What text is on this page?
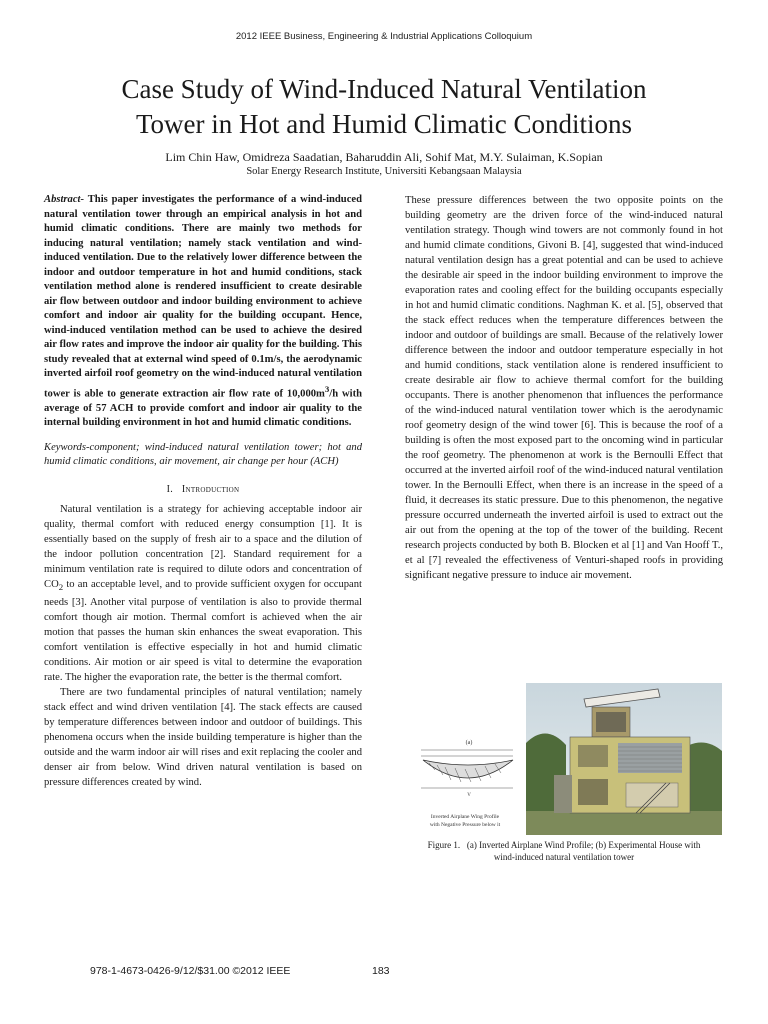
2012 IEEE Business, Engineering & Industrial Applications Colloquium
Case Study of Wind-Induced Natural Ventilation
Tower in Hot and Humid Climatic Conditions
Lim Chin Haw, Omidreza Saadatian, Baharuddin Ali, Sohif Mat, M.Y. Sulaiman, K.Sopian
Solar Energy Research Institute, Universiti Kebangsaan Malaysia

Abstract- This paper investigates the performance of a wind-induced natural ventilation tower through an empirical analysis in hot and humid climatic conditions. There are mainly two methods for inducing natural ventilation; namely stack ventilation and wind-induced ventilation. Due to the relatively lower difference between the indoor and outdoor temperature in hot and humid conditions, stack ventilation method alone is rendered insufficient to create desirable air flow between outdoor and indoor building environment to achieve comfort and indoor air quality for the building occupant. Hence, wind-induced ventilation method can be used to achieve the desired air flow rates and improve the indoor air quality for the building. This study revealed that at external wind speed of 0.1m/s, the aerodynamic inverted airfoil roof geometry on the wind-induced natural ventilation tower is able to generate extraction air flow rate of $10,000m^3/h$ with average of 57 ACH to provide comfort and indoor air quality to the internal building environment in hot and humid climatic conditions.

Keywords-component; wind-induced natural ventilation tower; hot and humid climatic conditions, air movement, air change per hour (ACH)

I. Introduction

Natural ventilation is a strategy for achieving acceptable indoor air quality, thermal comfort with reduced energy consumption [1]. It is essentially based on the supply of fresh air to a space and the dilution of the indoor pollution concentration [2]. Standard requirement for a minimum ventilation rate is required to dilute odors and concentration of $CO_2$ to an acceptable level, and to provide sufficient oxygen for occupant needs [3]. Another vital purpose of ventilation is also to provide thermal comfort though air motion. Thermal comfort is achieved when the air motion that passes the human skin enhances the sweat evaporation. This comfort ventilation is effective especially in hot and humid climatic conditions. Air motion or air speed is vital to determine the evaporation rate. The higher the evaporation rate, the better is the thermal comfort.

There are two fundamental principles of natural ventilation; namely stack effect and wind driven ventilation [4]. The stack effects are caused by temperature differences between indoor and outdoor of buildings. This phenomena occurs when the inside building temperature is higher than the outside and the warm indoor air will rises and exit replacing the cooler and denser air from below. Wind driven natural ventilation is based on pressure differences created by wind.

These pressure differences between the two opposite points on the building geometry are the driven force of the wind-induced natural ventilation strategy. Though wind towers are not commonly found in hot and humid climate conditions, Givoni B. [4], suggested that wind-induced natural ventilation design has a great potential and can be used to achieve the desirable air speed in the indoor building environment to improve the evaporation rates and cooling effect for the building occupants especially in hot and humid climatic conditions. Naghman K. et al. [5], observed that the stack effect reduces when the temperature differences between the indoor and outdoor of buildings are small. Because of the relatively lower difference between the indoor and outdoor temperature especially in hot and humid conditions, stack ventilation alone is rendered insufficient to create desirable air flow to achieve thermal comfort for the building occupants. There is another phenomenon that influences the performance of the wind-induced natural ventilation tower which is the aerodynamic roof geometry design of the wind tower [6]. This is because the roof of a building is often the most exposed part to the oncoming wind in particular the roof geometry. The phenomenon at work is the Bernoulli Effect that occurred at the inverted airfoil roof of the wind-induced natural ventilation tower. In the Bernoulli Effect, when there is an increase in the speed of a fluid, it decreases its static pressure. Due to this phenomenon, the negative pressure occurred underneath the inverted airfoil is used to extract out the air out from the opening at the top of the tower of the building. Recent research projects conducted by both B. Blocken et al [1] and Van Hooff T., et al [7] revealed the effectiveness of Venturi-shaped roofs in providing significant negative pressure to induce air movement.

(a)
V
Inverted Airplane Wing Profile
with Negative Pressure below it
Figure 1.   (a) Inverted Airplane Wind Profile; (b) Experimental House with
wind-induced natural ventilation tower
978-1-4673-0426-9/12/$31.00 ©2012 IEEE	183
